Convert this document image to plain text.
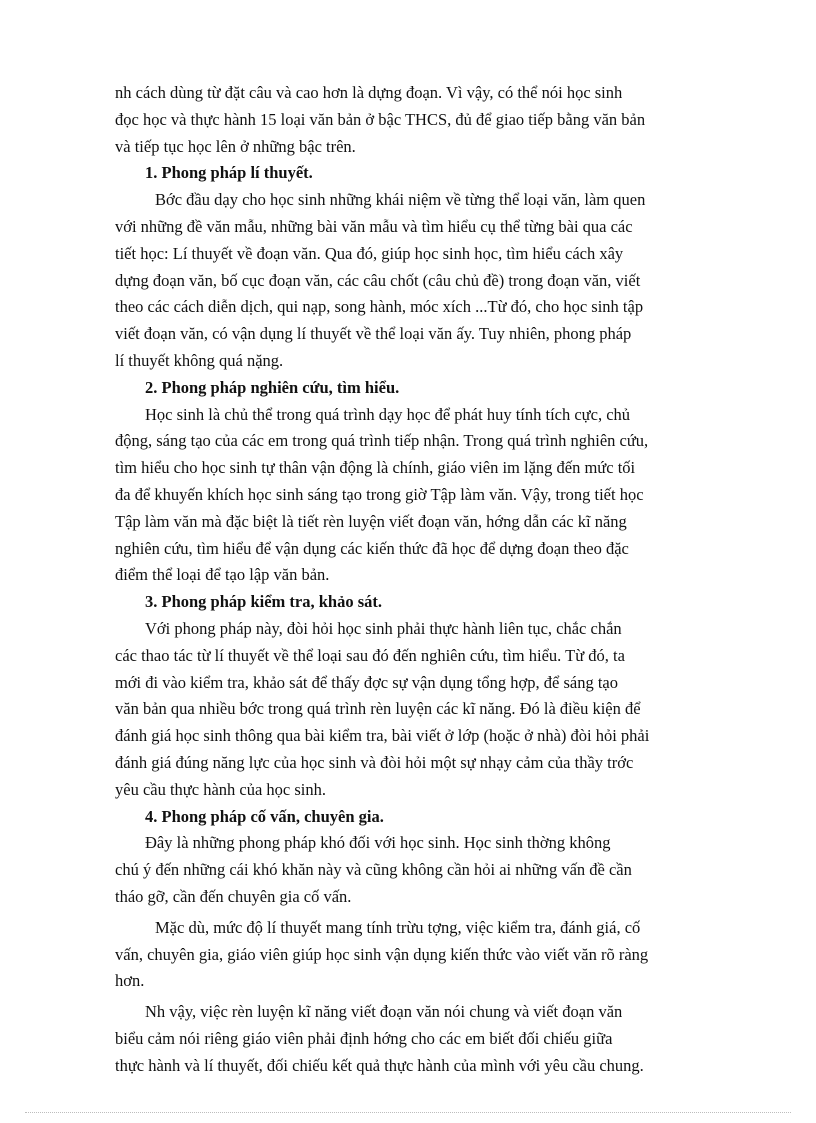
nh cách dùng từ đặt câu và cao hơn là dựng đoạn. Vì vậy, có thể nói học sinh
đọc học và thực hành 15 loại văn bản ở bậc THCS, đủ để giao tiếp bằng văn bản
và tiếp tục học lên ở những bậc trên.
1. Phong pháp lí thuyết.
Bớc đầu dạy cho học sinh những khái niệm về từng thể loại văn, làm quen
với những đề văn mẫu, những bài văn mẫu và tìm hiểu cụ thể từng bài qua các
tiết học: Lí thuyết về đoạn văn. Qua đó, giúp học sinh học, tìm hiểu cách xây
dựng đoạn văn, bố cục đoạn văn, các câu chốt (câu chủ đề) trong đoạn văn, viết
theo các cách diễn dịch, qui nạp, song hành, móc xích ...Từ đó, cho học sinh tập
viết đoạn văn, có vận dụng lí thuyết về thể loại văn ấy. Tuy nhiên, phong pháp
lí thuyết không quá nặng.
2. Phong pháp nghiên cứu, tìm hiểu.
Học sinh là chủ thể trong quá trình dạy học để phát huy tính tích cực, chủ
động, sáng tạo của các em trong quá trình tiếp nhận. Trong quá trình nghiên cứu,
tìm hiểu cho học sinh tự thân vận động là chính, giáo viên im lặng đến mức tối
đa để khuyến khích học sinh sáng tạo trong giờ Tập làm văn. Vậy, trong tiết học
Tập làm văn mà đặc biệt là tiết rèn luyện viết đoạn văn, hớng dẫn các kĩ năng
nghiên cứu, tìm hiểu để vận dụng các kiến thức đã học để dựng đoạn theo đặc
điểm thể loại để tạo lập văn bản.
3. Phong pháp kiểm tra, khảo sát.
Với phong pháp này, đòi hỏi học sinh phải thực hành liên tục, chắc chắn
các thao tác từ lí thuyết về thể loại sau đó đến nghiên cứu, tìm hiểu. Từ đó, ta
mới đi vào kiểm tra, khảo sát để thấy đợc sự vận dụng tổng hợp, để sáng tạo
văn bản qua nhiều bớc trong quá trình rèn luyện các kĩ năng. Đó là điều kiện để
đánh giá học sinh thông qua bài kiểm tra, bài viết ở lớp (hoặc ở nhà) đòi hỏi phải
đánh giá đúng năng lực của học sinh và đòi hỏi một sự nhạy cảm của thầy trớc
yêu cầu thực hành của học sinh.
4. Phong pháp cố vấn, chuyên gia.
Đây là những phong pháp khó đối với học sinh. Học sinh thờng không
chú ý đến những cái khó khăn này và cũng không cần hỏi ai những vấn đề cần
tháo gỡ, cần đến chuyên gia cố vấn.
Mặc dù, mức độ lí thuyết mang tính trừu tợng, việc kiểm tra, đánh giá, cố
vấn, chuyên gia, giáo viên giúp học sinh vận dụng kiến thức vào viết văn rõ ràng
hơn.
Nh vậy, việc rèn luyện kĩ năng viết đoạn văn nói chung và viết đoạn văn
biểu cảm nói riêng giáo viên phải định hớng cho các em biết đối chiếu giữa
thực hành và lí thuyết, đối chiếu kết quả thực hành của mình với yêu cầu chung.
